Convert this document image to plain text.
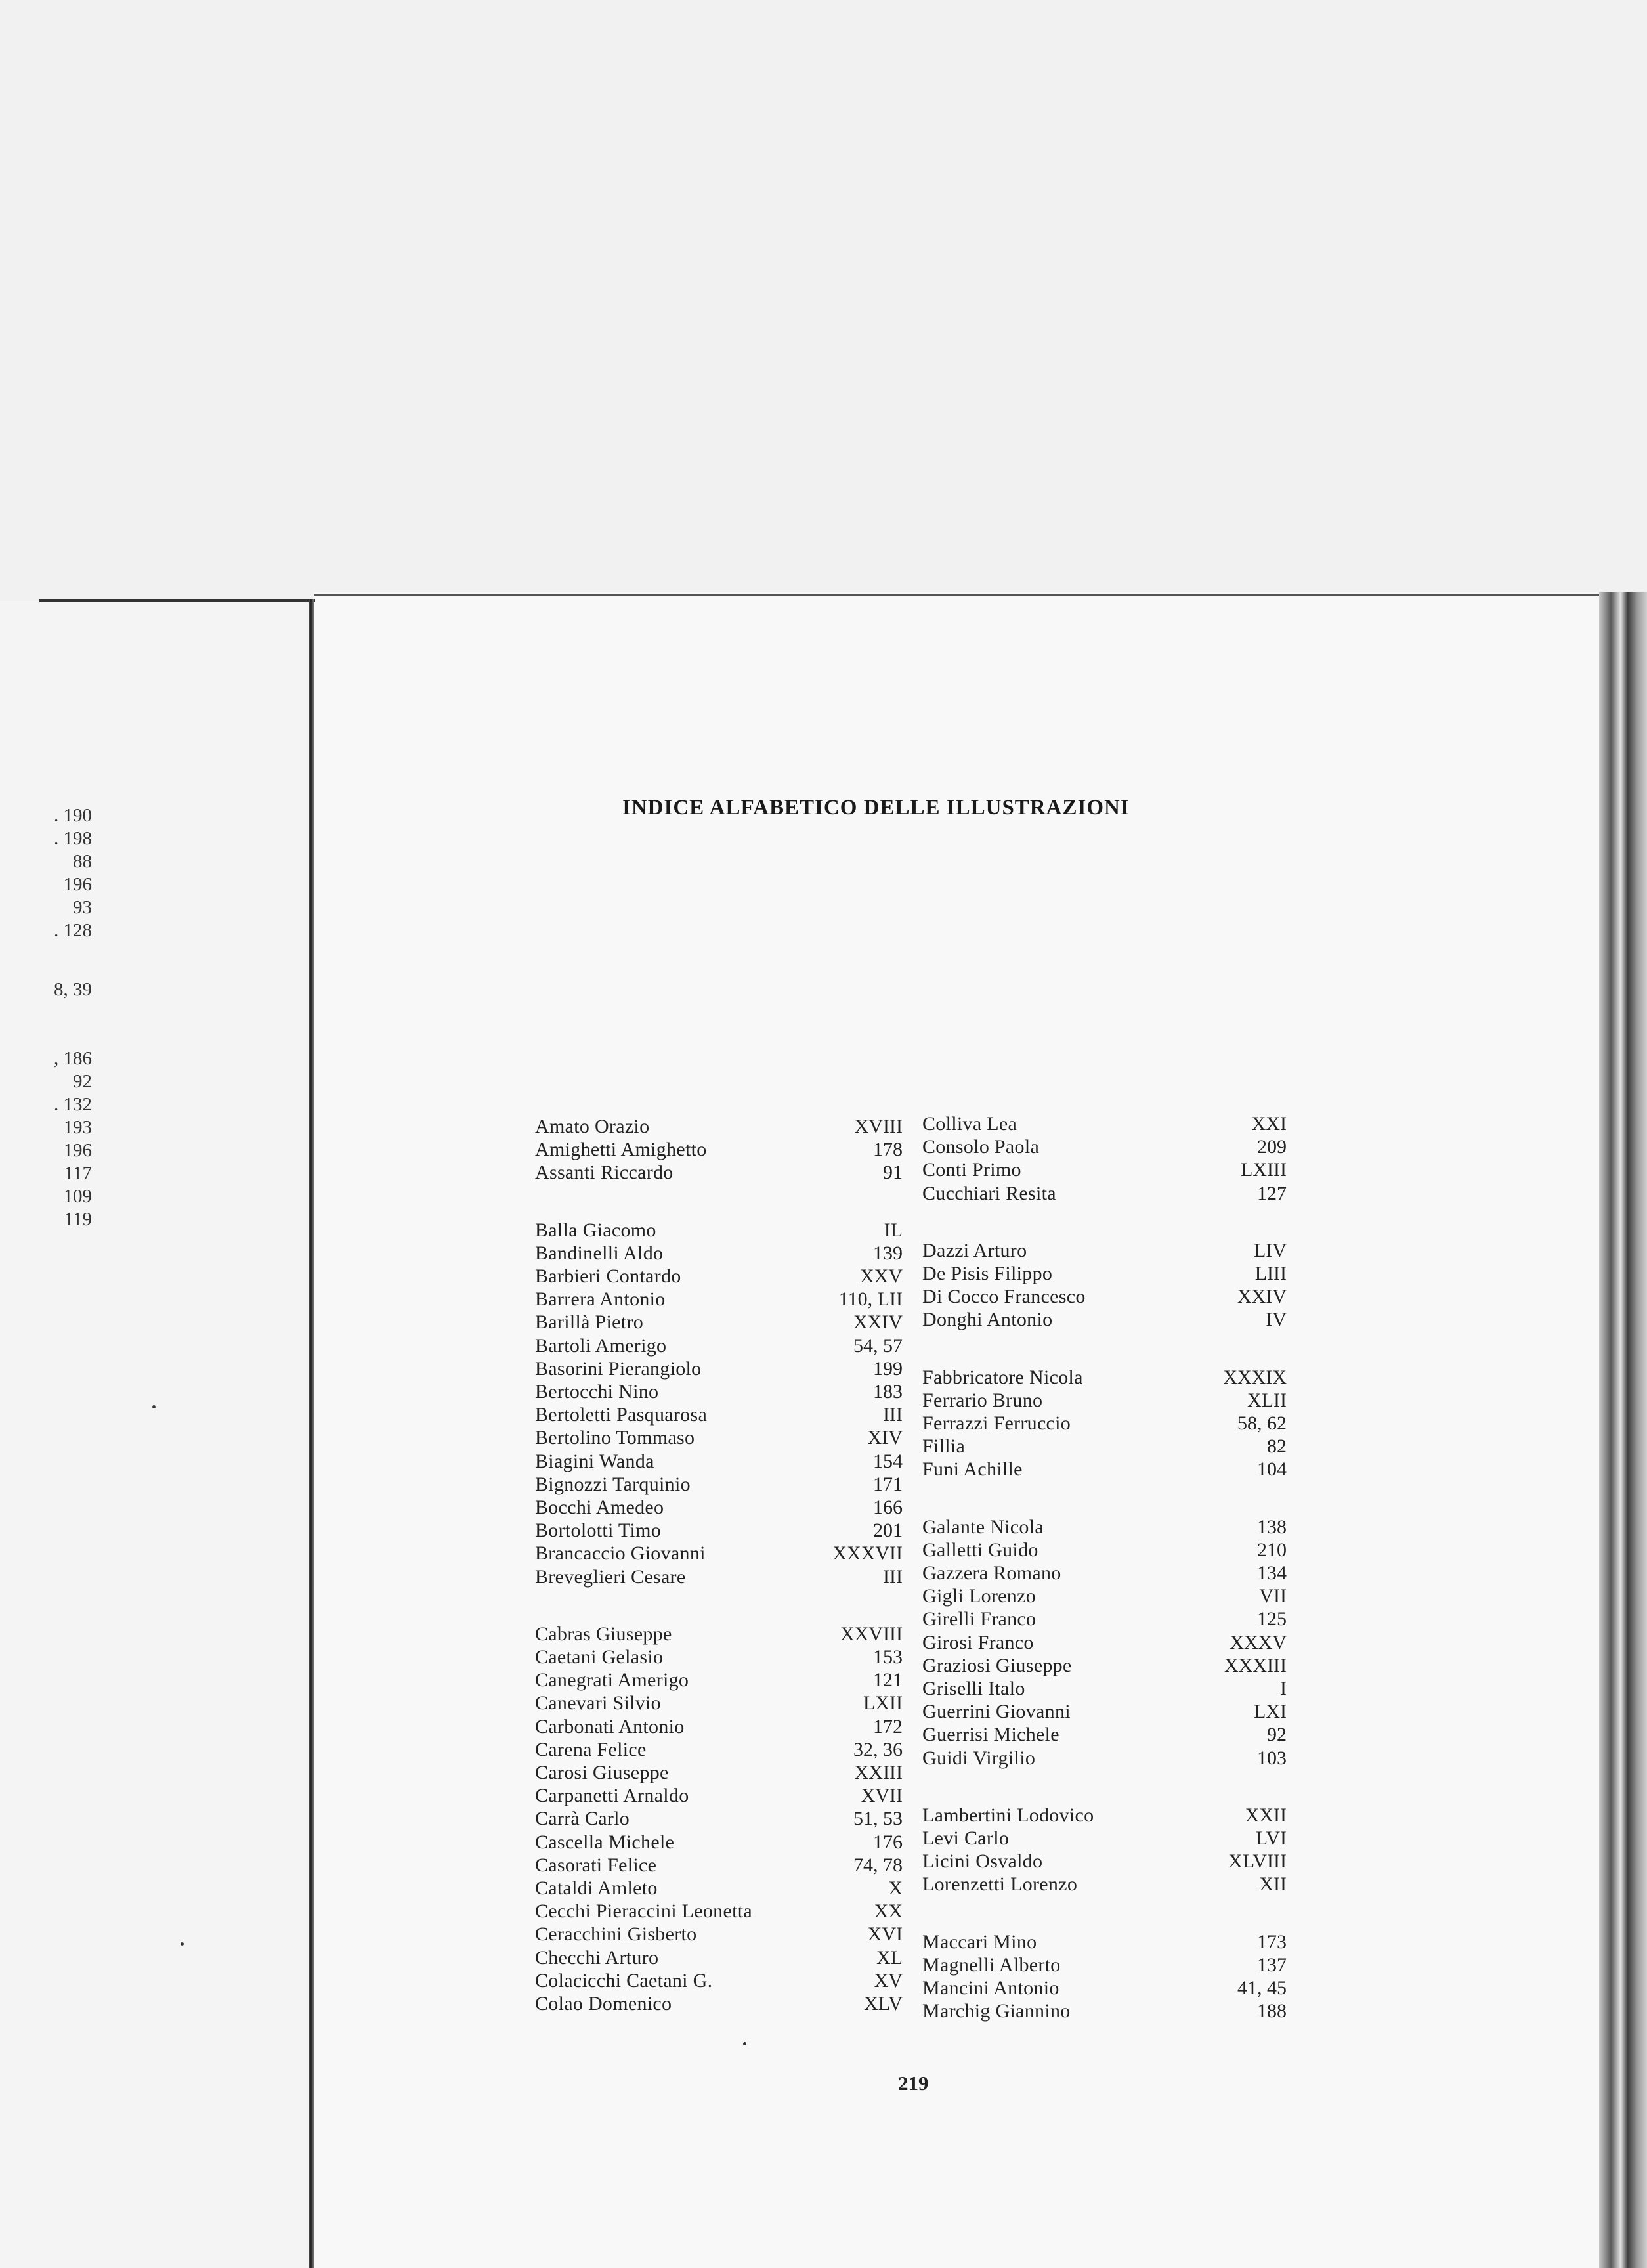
. 190
. 198
88
196
93
. 128
8, 39
, 186
92
. 132
193
196
117
109
119
INDICE ALFABETICO DELLE ILLUSTRAZIONI
Amato Orazio	XVIII
Amighetti Amighetto	178
Assanti Riccardo	91
Balla Giacomo	IL
Bandinelli Aldo	139
Barbieri Contardo	XXV
Barrera Antonio	110, LII
Barillà Pietro	XXIV
Bartoli Amerigo	54, 57
Basorini Pierangiolo	199
Bertocchi Nino	183
Bertoletti Pasquarosa	III
Bertolino Tommaso	XIV
Biagini Wanda	154
Bignozzi Tarquinio	171
Bocchi Amedeo	166
Bortolotti Timo	201
Brancaccio Giovanni	XXXVII
Breveglieri Cesare	III
Cabras Giuseppe	XXVIII
Caetani Gelasio	153
Canegrati Amerigo	121
Canevari Silvio	LXII
Carbonati Antonio	172
Carena Felice	32, 36
Carosi Giuseppe	XXIII
Carpanetti Arnaldo	XVII
Carrà Carlo	51, 53
Cascella Michele	176
Casorati Felice	74, 78
Cataldi Amleto	X
Cecchi Pieraccini Leonetta	XX
Ceracchini Gisberto	XVI
Checchi Arturo	XL
Colacicchi Caetani G.	XV
Colao Domenico	XLV
Colliva Lea	XXI
Consolo Paola	209
Conti Primo	LXIII
Cucchiari Resita	127
Dazzi Arturo	LIV
De Pisis Filippo	LIII
Di Cocco Francesco	XXIV
Donghi Antonio	IV
Fabbricatore Nicola	XXXIX
Ferrario Bruno	XLII
Ferrazzi Ferruccio	58, 62
Fillia	82
Funi Achille	104
Galante Nicola	138
Galletti Guido	210
Gazzera Romano	134
Gigli Lorenzo	VII
Girelli Franco	125
Girosi Franco	XXXV
Graziosi Giuseppe	XXXIII
Griselli Italo	I
Guerrini Giovanni	LXI
Guerrisi Michele	92
Guidi Virgilio	103
Lambertini Lodovico	XXII
Levi Carlo	LVI
Licini Osvaldo	XLVIII
Lorenzetti Lorenzo	XII
Maccari Mino	173
Magnelli Alberto	137
Mancini Antonio	41, 45
Marchig Giannino	188
219
